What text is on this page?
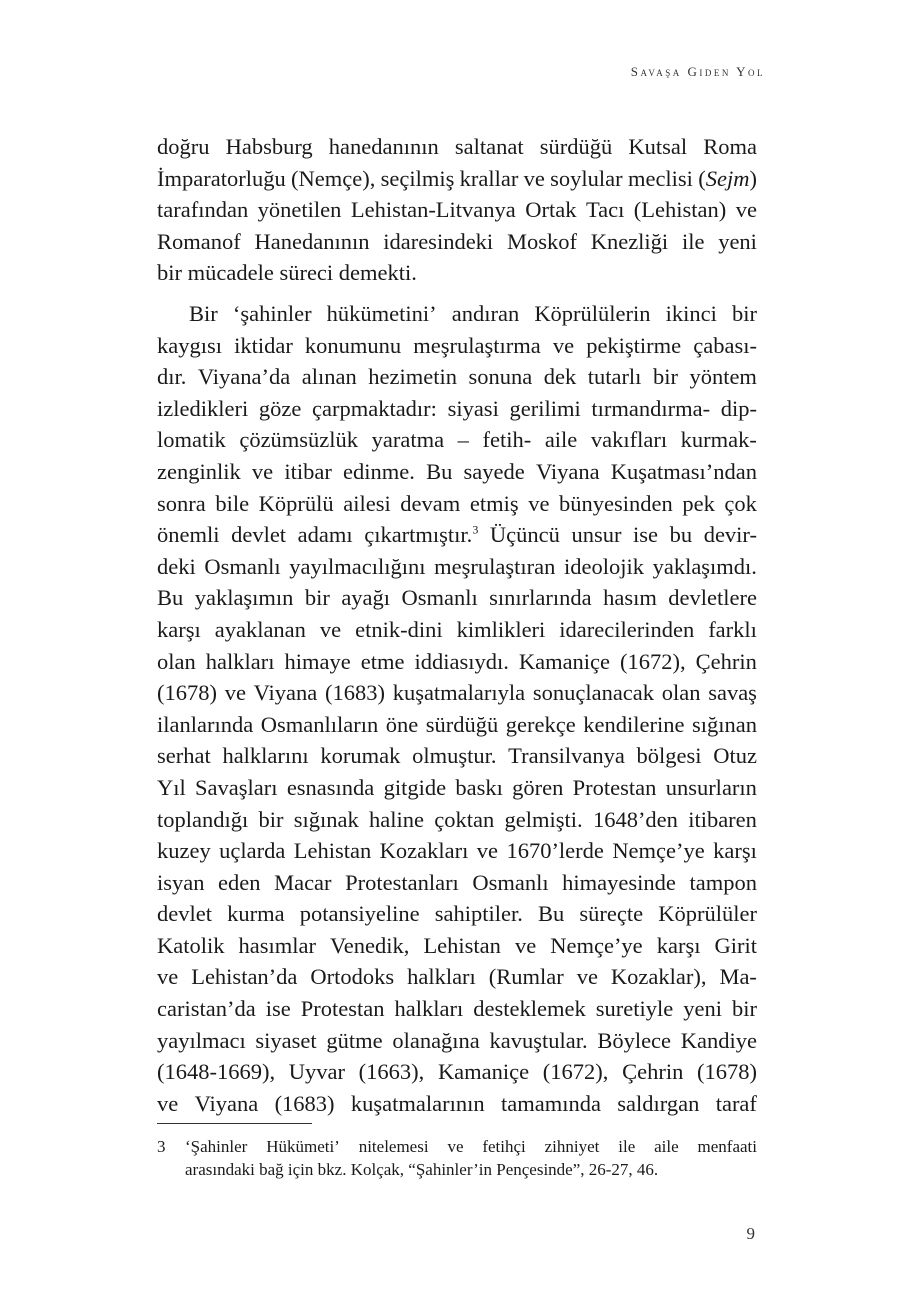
Savaşa Giden Yol
doğru Habsburg hanedanının saltanat sürdüğü Kutsal Roma
İmparatorluğu (Nemçe), seçilmiş krallar ve soylular meclisi (Sejm)
tarafından yönetilen Lehistan-Litvanya Ortak Tacı (Lehistan) ve
Romanof Hanedanının idaresindeki Moskof Knezliği ile yeni
bir mücadele süreci demekti.
Bir ‘şahinler hükümetini’ andıran Köprülülerin ikinci bir
kaygısı iktidar konumunu meşrulaştırma ve pekiştirme çabası-
dır. Viyana’da alınan hezimetin sonuna dek tutarlı bir yöntem
izledikleri göze çarpmaktadır: siyasi gerilimi tırmandırma- dip-
lomatik çözümsüzlük yaratma – fetih- aile vakıfları kurmak-
zenginlik ve itibar edinme. Bu sayede Viyana Kuşatması’ndan
sonra bile Köprülü ailesi devam etmiş ve bünyesinden pek çok
önemli devlet adamı çıkartmıştır.$^3$ Üçüncü unsur ise bu devir-
deki Osmanlı yayılmacılığını meşrulaştıran ideolojik yaklaşımdı.
Bu yaklaşımın bir ayağı Osmanlı sınırlarında hasım devletlere
karşı ayaklanan ve etnik-dini kimlikleri idarecilerinden farklı
olan halkları himaye etme iddiasıydı. Kamaniçe (1672), Çehrin
(1678) ve Viyana (1683) kuşatmalarıyla sonuçlanacak olan savaş
ilanlarında Osmanlıların öne sürdüğü gerekçe kendilerine sığınan
serhat halklarını korumak olmuştur. Transilvanya bölgesi Otuz
Yıl Savaşları esnasında gitgide baskı gören Protestan unsurların
toplandığı bir sığınak haline çoktan gelmişti. 1648’den itibaren
kuzey uçlarda Lehistan Kozakları ve 1670’lerde Nemçe’ye karşı
isyan eden Macar Protestanları Osmanlı himayesinde tampon
devlet kurma potansiyeline sahiptiler. Bu süreçte Köprülüler
Katolik hasımlar Venedik, Lehistan ve Nemçe’ye karşı Girit
ve Lehistan’da Ortodoks halkları (Rumlar ve Kozaklar), Ma-
caristan’da ise Protestan halkları desteklemek suretiyle yeni bir
yayılmacı siyaset gütme olanağına kavuştular. Böylece Kandiye
(1648-1669), Uyvar (1663), Kamaniçe (1672), Çehrin (1678)
ve Viyana (1683) kuşatmalarının tamamında saldırgan taraf
3 ‘Şahinler Hükümeti’ nitelemesi ve fetihçi zihniyet ile aile menfaati
arasındaki bağ için bkz. Kolçak, “Şahinler’in Pençesinde”, 26-27, 46.
9
